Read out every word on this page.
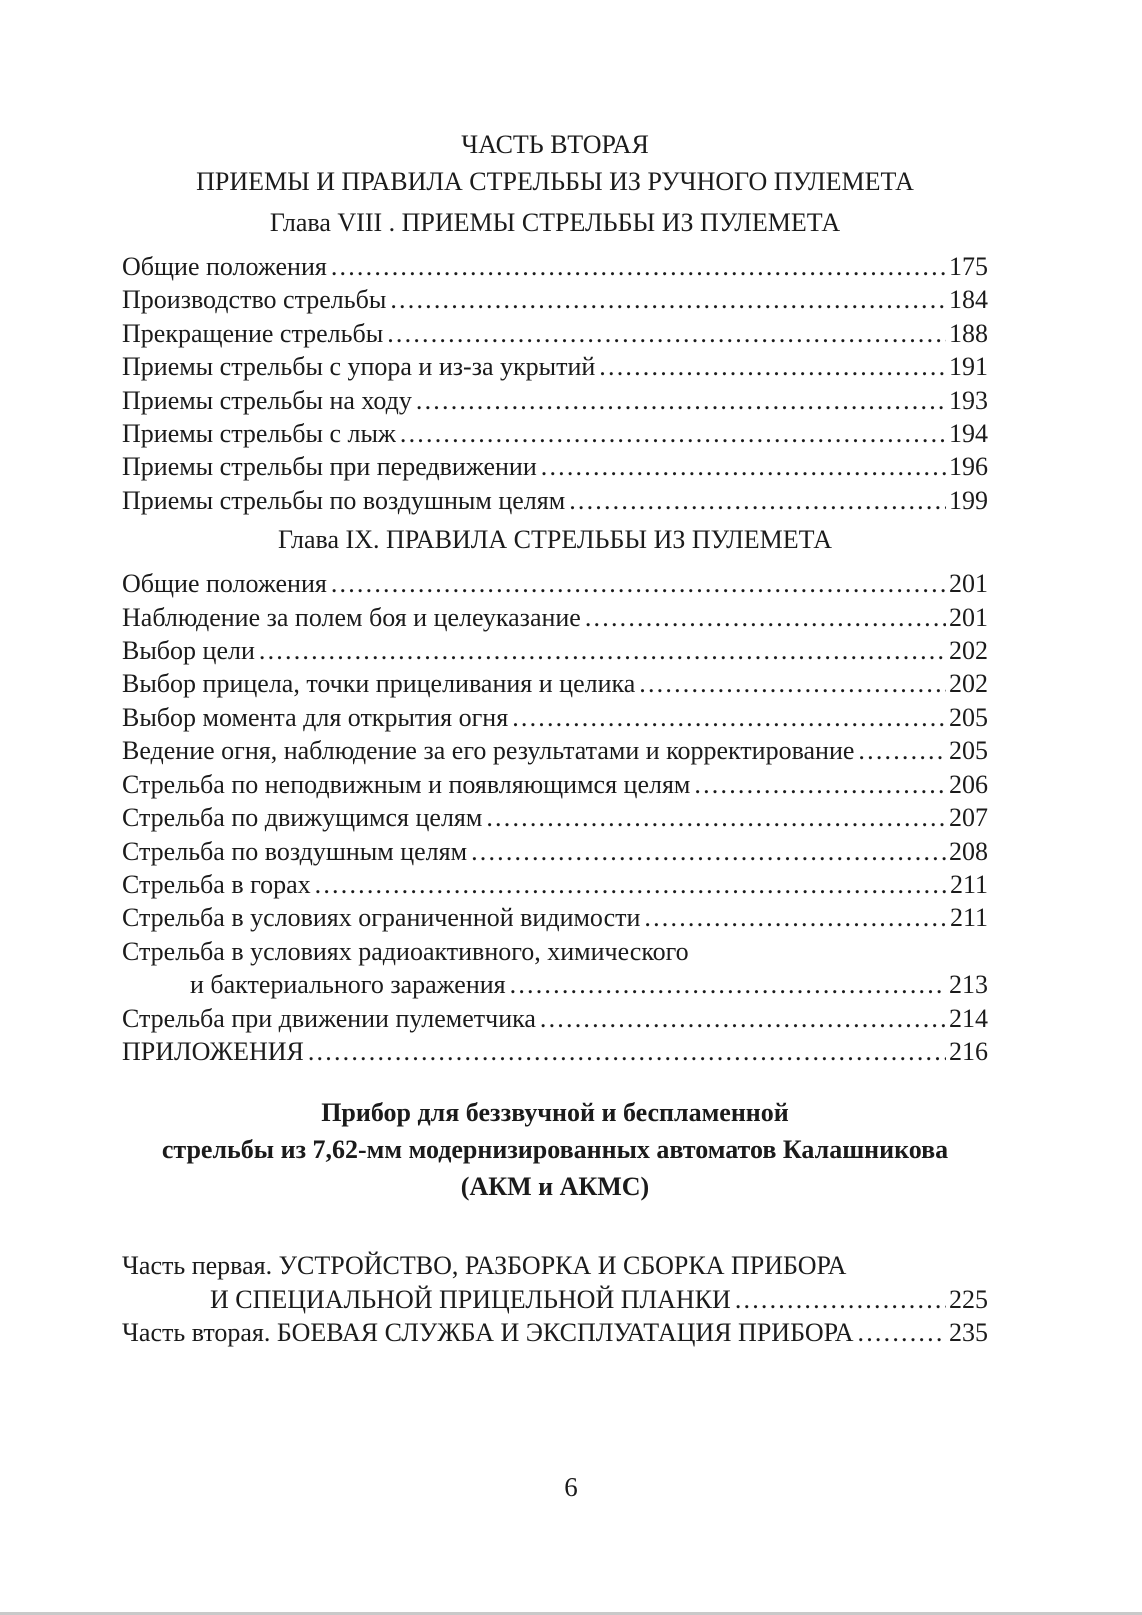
ЧАСТЬ ВТОРАЯ
ПРИЕМЫ И ПРАВИЛА СТРЕЛЬБЫ ИЗ РУЧНОГО ПУЛЕМЕТА
Глава VIII . ПРИЕМЫ СТРЕЛЬБЫ ИЗ ПУЛЕМЕТА
Общие положения .....	175
Производство стрельбы .....	184
Прекращение стрельбы .....	188
Приемы стрельбы с упора и из-за укрытий .....	191
Приемы стрельбы на ходу .....	193
Приемы стрельбы с лыж .....	194
Приемы стрельбы при передвижении .....	196
Приемы стрельбы по воздушным целям .....	199
Глава IX. ПРАВИЛА СТРЕЛЬБЫ ИЗ ПУЛЕМЕТА
Общие положения .....	201
Наблюдение за полем боя и целеуказание .....	201
Выбор цели .....	202
Выбор прицела, точки прицеливания и целика .....	202
Выбор момента для открытия огня .....	205
Ведение огня, наблюдение за его результатами и корректирование .....	205
Стрельба по неподвижным и появляющимся целям .....	206
Стрельба по движущимся целям .....	207
Стрельба по воздушным целям .....	208
Стрельба в горах .....	211
Стрельба в условиях ограниченной видимости .....	211
Стрельба в условиях радиоактивного, химического
и бактериального заражения .....	213
Стрельба при движении пулеметчика .....	214
ПРИЛОЖЕНИЯ .....	216
Прибор для беззвучной и беспламенной
стрельбы из 7,62-мм модернизированных автоматов Калашникова
(АКМ и АКМС)
Часть первая. УСТРОЙСТВО, РАЗБОРКА И СБОРКА ПРИБОРА
И СПЕЦИАЛЬНОЙ ПРИЦЕЛЬНОЙ ПЛАНКИ .....	225
Часть вторая. БОЕВАЯ СЛУЖБА И ЭКСПЛУАТАЦИЯ ПРИБОРА .....	235
6
